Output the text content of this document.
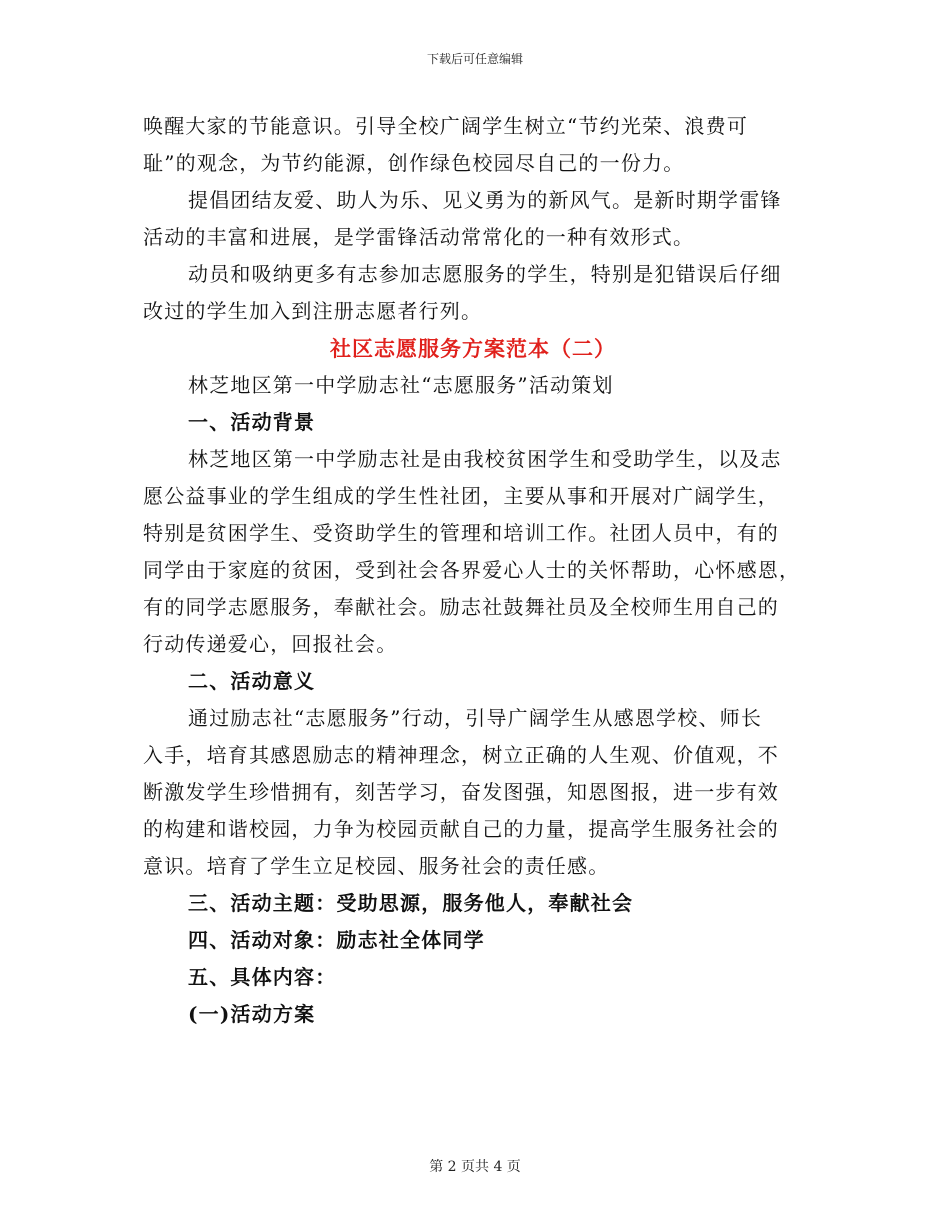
下载后可任意编辑

唤醒大家的节能意识。引导全校广阔学生树立“节约光荣、浪费可

耻”的观念，为节约能源，创作绿色校园尽自己的一份力。

提倡团结友爱、助人为乐、见义勇为的新风气。是新时期学雷锋

活动的丰富和进展，是学雷锋活动常常化的一种有效形式。

动员和吸纳更多有志参加志愿服务的学生，特别是犯错误后仔细

改过的学生加入到注册志愿者行列。

社区志愿服务方案范本（二）

林芝地区第一中学励志社“志愿服务”活动策划

一、活动背景

林芝地区第一中学励志社是由我校贫困学生和受助学生，以及志

愿公益事业的学生组成的学生性社团，主要从事和开展对广阔学生，

特别是贫困学生、受资助学生的管理和培训工作。社团人员中，有的

同学由于家庭的贫困，受到社会各界爱心人士的关怀帮助，心怀感恩，

有的同学志愿服务，奉献社会。励志社鼓舞社员及全校师生用自己的

行动传递爱心，回报社会。

二、活动意义

通过励志社“志愿服务”行动，引导广阔学生从感恩学校、师长

入手，培育其感恩励志的精神理念，树立正确的人生观、价值观，不

断激发学生珍惜拥有，刻苦学习，奋发图强，知恩图报，进一步有效

的构建和谐校园，力争为校园贡献自己的力量，提高学生服务社会的

意识。培育了学生立足校园、服务社会的责任感。

三、活动主题：受助思源，服务他人，奉献社会

四、活动对象：励志社全体同学

五、具体内容：

(一)活动方案

第 2 页共 4 页
